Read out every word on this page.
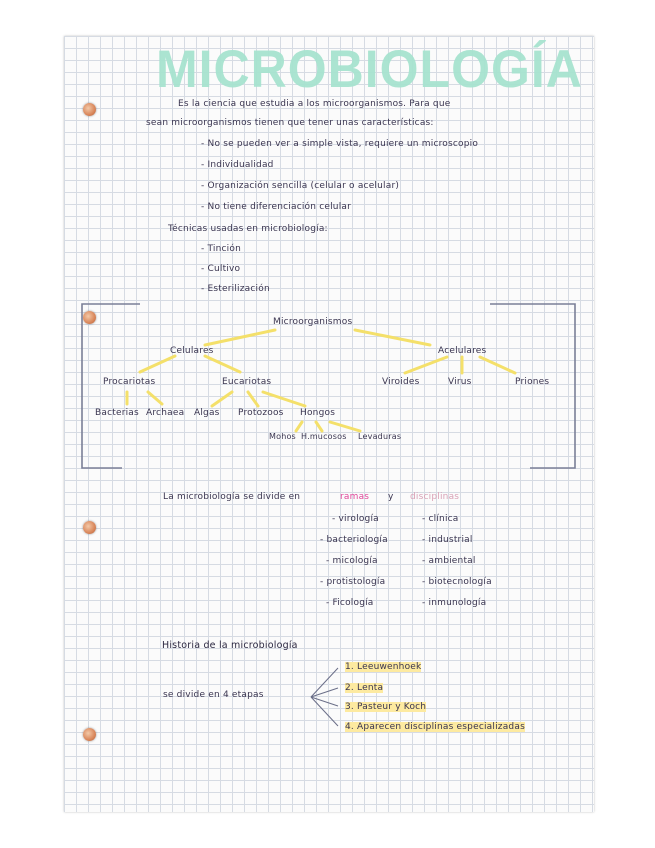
MICROBIOLOGÍA
Es la ciencia que estudia a los microorganismos. Para que
sean microorganismos tienen que tener unas características:
- No se pueden ver a simple vista, requiere un microscopio
- Individualidad
- Organización sencilla (celular o acelular)
- No tiene diferenciación celular
Técnicas usadas en microbiología:
- Tinción
- Cultivo
- Esterilización
Microorganismos
Celulares	Acelulares
Procariotas	Eucariotas	Viroides	Virus	Priones
Bacterias Archaea Algas Protozoos Hongos
Mohos H.mucosos Levaduras
La microbiología se divide en	ramas y disciplinas
- virología
- bacteriología
- micología
- protistología
- Ficología
- clínica
- industrial
- ambiental
- biotecnología
- inmunología
Historia de la microbiología
se divide en 4 etapas
1. Leeuwenhoek
2. Lenta
3. Pasteur y Koch
4. Aparecen disciplinas especializadas
